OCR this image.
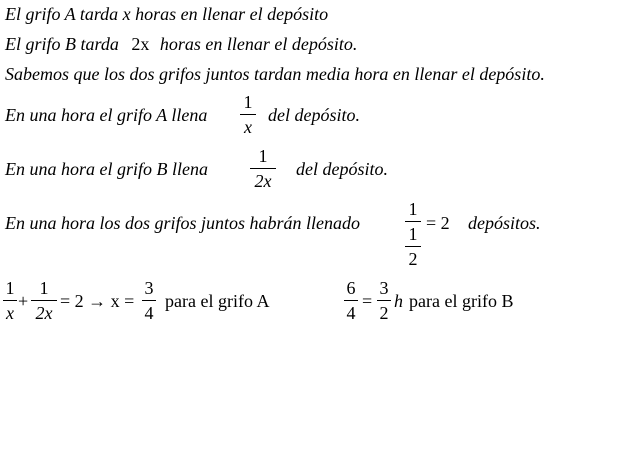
El grifo A tarda x horas en llenar el depósito
El grifo B tarda 2x horas en llenar el depósito.
Sabemos que los dos grifos juntos tardan media hora en llenar el depósito.
En una hora el grifo A llena
1
x
del depósito.
En una hora el grifo B llena
1
2x
del depósito.
En una hora los dos grifos juntos habrán llenado
1
1
2
= 2 depósitos.
1
x
+
1
2x
= 2 → x =
3
4
para el grifo A
6
4
=
3
2
h para el grifo B
